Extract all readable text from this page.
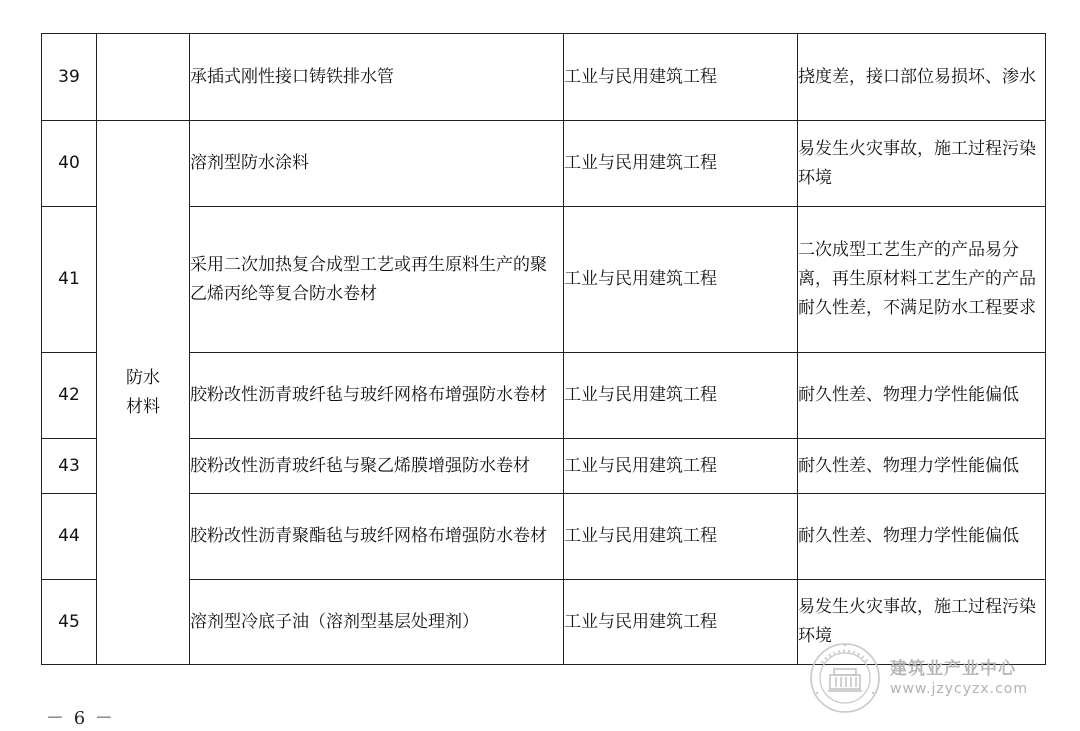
39		承插式刚性接口铸铁排水管	工业与民用建筑工程	挠度差，接口部位易损坏、渗水
40	防水材料	溶剂型防水涂料	工业与民用建筑工程	易发生火灾事故，施工过程污染环境
41		采用二次加热复合成型工艺或再生原料生产的聚乙烯丙纶等复合防水卷材	工业与民用建筑工程	二次成型工艺生产的产品易分离，再生原材料工艺生产的产品耐久性差，不满足防水工程要求
42		胶粉改性沥青玻纤毡与玻纤网格布增强防水卷材	工业与民用建筑工程	耐久性差、物理力学性能偏低
43		胶粉改性沥青玻纤毡与聚乙烯膜增强防水卷材	工业与民用建筑工程	耐久性差、物理力学性能偏低
44		胶粉改性沥青聚酯毡与玻纤网格布增强防水卷材	工业与民用建筑工程	耐久性差、物理力学性能偏低
45		溶剂型冷底子油（溶剂型基层处理剂）	工业与民用建筑工程	易发生火灾事故，施工过程污染环境
－ 6 －
建筑业产业中心
www.jzycyzx.com
